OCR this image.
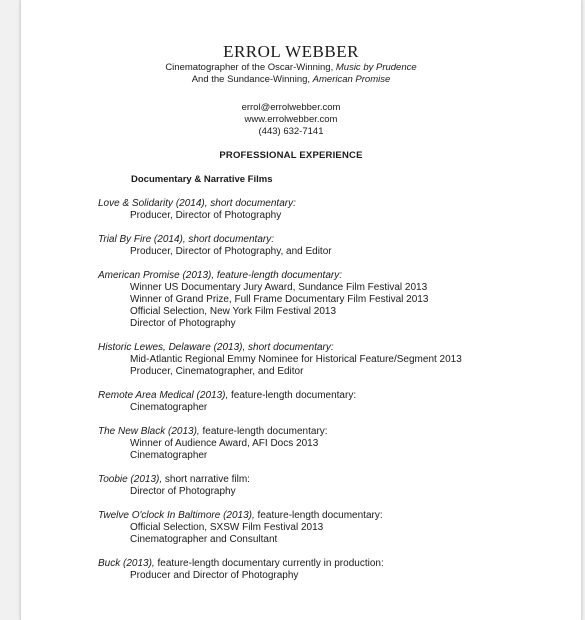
ERROL WEBBER
Cinematographer of the Oscar-Winning, Music by Prudence
And the Sundance-Winning, American Promise
errol@errolwebber.com
www.errolwebber.com
(443) 632-7141
PROFESSIONAL EXPERIENCE
Documentary & Narrative Films
Love & Solidarity (2014), short documentary:
Producer, Director of Photography
Trial By Fire (2014), short documentary:
Producer, Director of Photography, and Editor
American Promise (2013), feature-length documentary:
Winner US Documentary Jury Award, Sundance Film Festival 2013
Winner of Grand Prize, Full Frame Documentary Film Festival 2013
Official Selection, New York Film Festival 2013
Director of Photography
Historic Lewes, Delaware (2013), short documentary:
Mid-Atlantic Regional Emmy Nominee for Historical Feature/Segment 2013
Producer, Cinematographer, and Editor
Remote Area Medical (2013), feature-length documentary:
Cinematographer
The New Black (2013), feature-length documentary:
Winner of Audience Award, AFI Docs 2013
Cinematographer
Toobie (2013), short narrative film:
Director of Photography
Twelve O'clock In Baltimore (2013), feature-length documentary:
Official Selection, SXSW Film Festival 2013
Cinematographer and Consultant
Buck (2013), feature-length documentary currently in production:
Producer and Director of Photography
